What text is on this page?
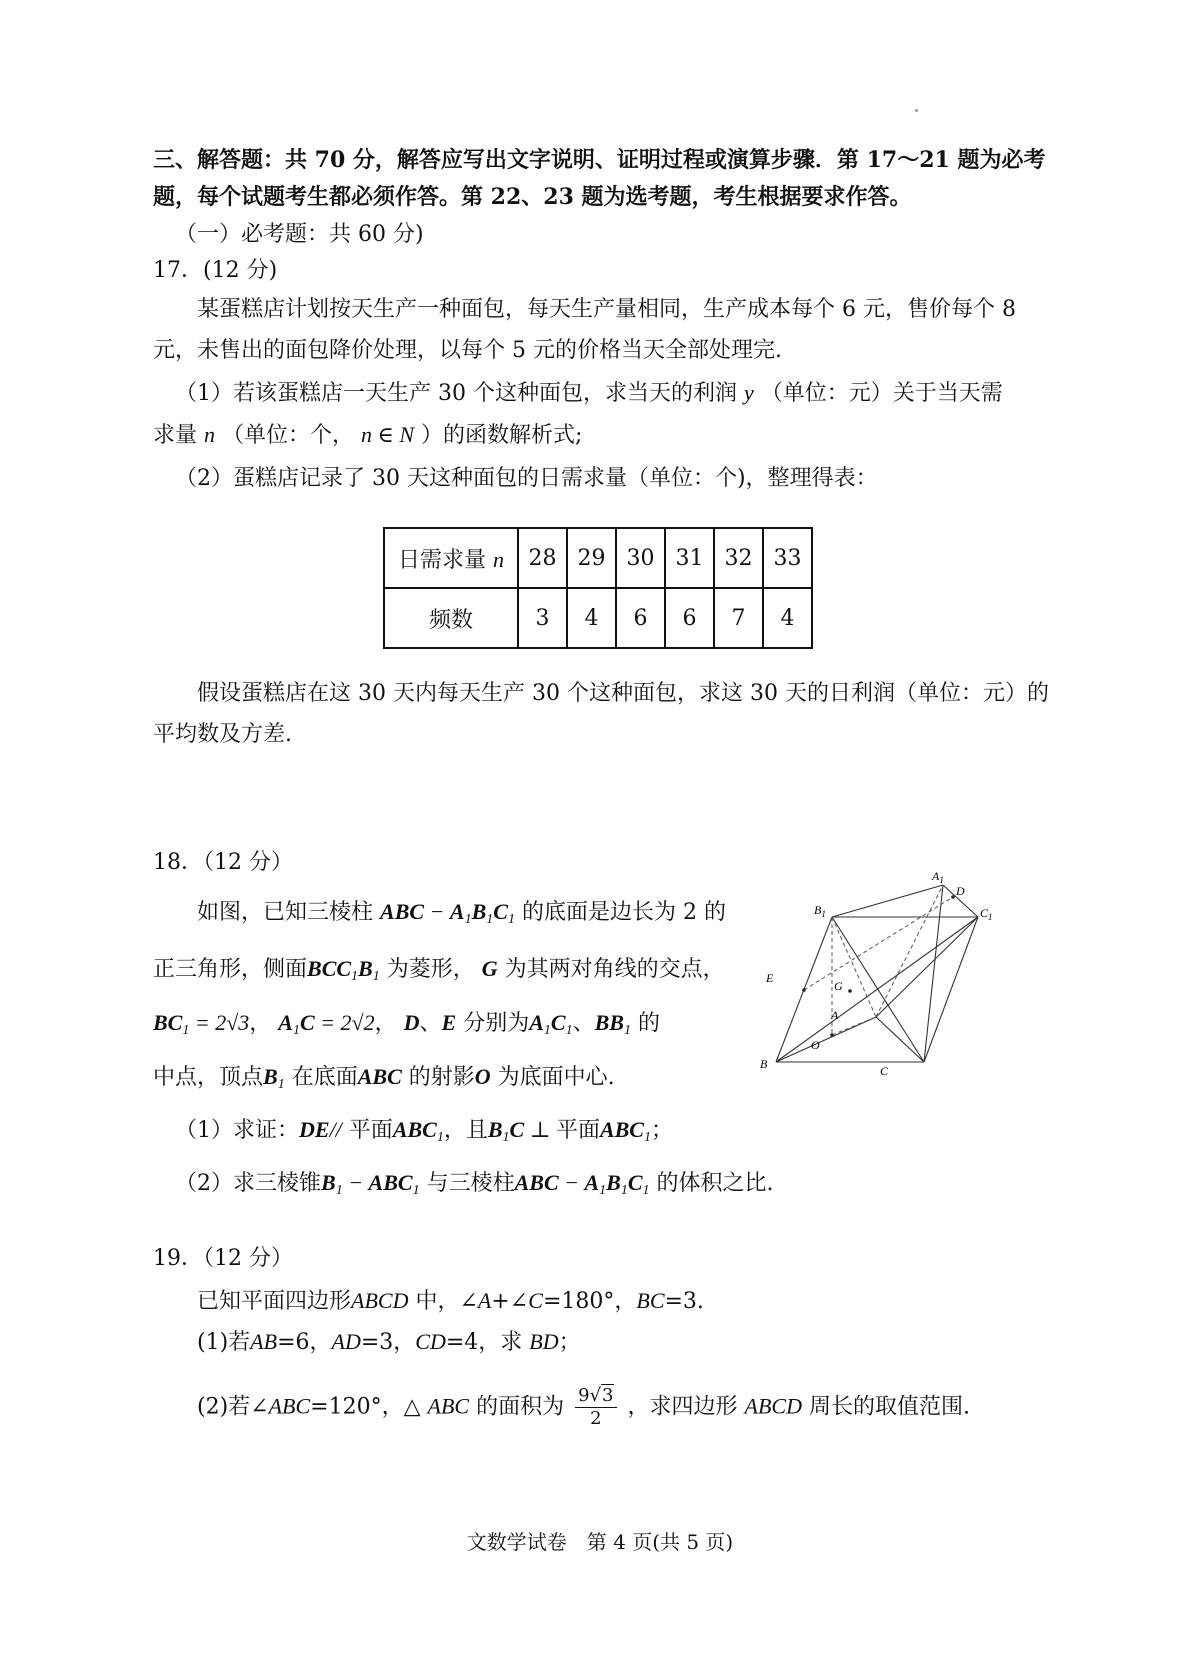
三、解答题：共 70 分，解答应写出文字说明、证明过程或演算步骤．第 17～21 题为必考
题，每个试题考生都必须作答。第 22、23 题为选考题，考生根据要求作答。
（一）必考题：共 60 分)
17．(12 分)
某蛋糕店计划按天生产一种面包，每天生产量相同，生产成本每个 6 元，售价每个 8
元，未售出的面包降价处理，以每个 5 元的价格当天全部处理完.
（1）若该蛋糕店一天生产 30 个这种面包，求当天的利润 y （单位：元）关于当天需
求量 n （单位：个， n ∈ N ）的函数解析式;
（2）蛋糕店记录了 30 天这种面包的日需求量（单位：个)，整理得表：
日需求量 n	28	29	30	31	32	33
频数	3	4	6	6	7	4
假设蛋糕店在这 30 天内每天生产 30 个这种面包，求这 30 天的日利润（单位：元）的
平均数及方差.
18．（12 分）
如图，已知三棱柱 ABC − $A_1B_1C_1$ 的底面是边长为 2 的
正三角形，侧面$BCC_1B_1$ 为菱形， G 为其两对角线的交点，
$BC_1 = 2√3$， $A_1C = 2√2$， D、E 分别为$A_1C_1$、$BB_1$ 的
中点，顶点$B_1$ 在底面ABC 的射影O 为底面中心.
（1）求证：DE// 平面$ABC_1$，且$B_1C$ ⊥ 平面$ABC_1$；
（2）求三棱锥$B_1 - ABC_1$ 与三棱柱ABC − $A_1B_1C_1$ 的体积之比.
$A_1$
D
$C_1$
$B_1$
E
G
A
O
B	C
19．（12 分）
已知平面四边形ABCD 中，∠A+∠C=180°，BC=3.
(1)若AB=6，AD=3，CD=4，求 BD；
(2)若∠ABC=120°，△ ABC 的面积为 $\frac{9√3}{2}$ ，求四边形 ABCD 周长的取值范围.
文数学试卷　第 4 页(共 5 页)
